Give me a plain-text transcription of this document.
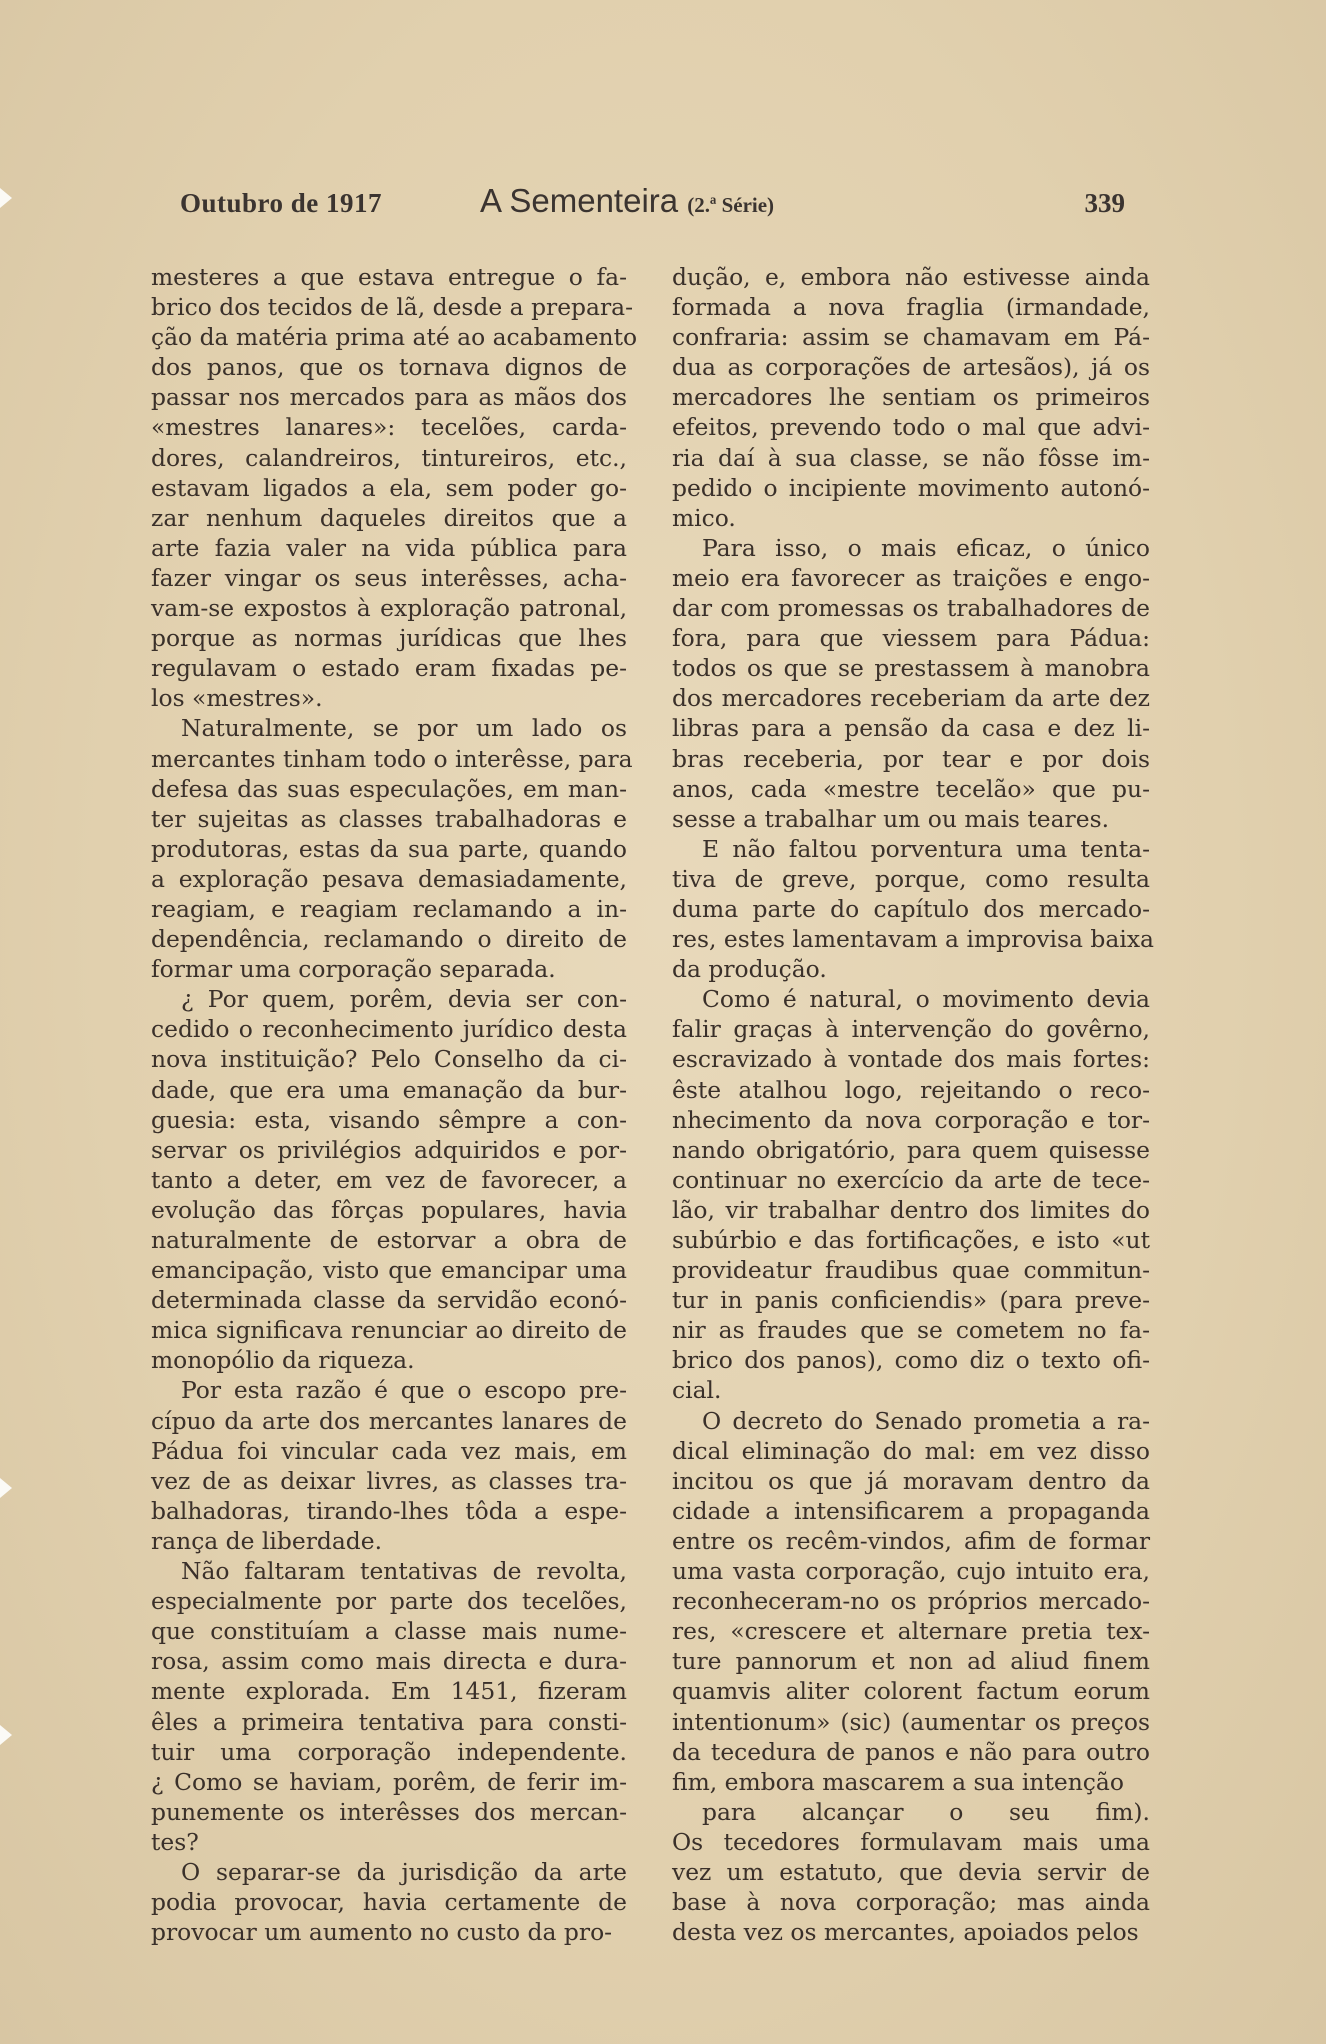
Outubro de 1917	A Sementeira (2.ª Série)	339
mesteres a que estava entregue o fa-
brico dos tecidos de lã, desde a prepara-
ção da matéria prima até ao acabamento
dos panos, que os tornava dignos de
passar nos mercados para as mãos dos
«mestres lanares»: tecelões, carda-
dores, calandreiros, tintureiros, etc.,
estavam ligados a ela, sem poder go-
zar nenhum daqueles direitos que a
arte fazia valer na vida pública para
fazer vingar os seus interêsses, acha-
vam-se expostos à exploração patronal,
porque as normas jurídicas que lhes
regulavam o estado eram fixadas pe-
los «mestres».
Naturalmente, se por um lado os
mercantes tinham todo o interêsse, para
defesa das suas especulações, em man-
ter sujeitas as classes trabalhadoras e
produtoras, estas da sua parte, quando
a exploração pesava demasiadamente,
reagiam, e reagiam reclamando a in-
dependência, reclamando o direito de
formar uma corporação separada.
¿ Por quem, porêm, devia ser con-
cedido o reconhecimento jurídico desta
nova instituição? Pelo Conselho da ci-
dade, que era uma emanação da bur-
guesia: esta, visando sêmpre a con-
servar os privilégios adquiridos e por-
tanto a deter, em vez de favorecer, a
evolução das fôrças populares, havia
naturalmente de estorvar a obra de
emancipação, visto que emancipar uma
determinada classe da servidão econó-
mica significava renunciar ao direito de
monopólio da riqueza.
Por esta razão é que o escopo pre-
cípuo da arte dos mercantes lanares de
Pádua foi vincular cada vez mais, em
vez de as deixar livres, as classes tra-
balhadoras, tirando-lhes tôda a espe-
rança de liberdade.
Não faltaram tentativas de revolta,
especialmente por parte dos tecelões,
que constituíam a classe mais nume-
rosa, assim como mais directa e dura-
mente explorada. Em 1451, fizeram
êles a primeira tentativa para consti-
tuir uma corporação independente.
¿ Como se haviam, porêm, de ferir im-
punemente os interêsses dos mercan-
tes?
O separar-se da jurisdição da arte
podia provocar, havia certamente de
provocar um aumento no custo da pro-
dução, e, embora não estivesse ainda
formada a nova fraglia (irmandade,
confraria: assim se chamavam em Pá-
dua as corporações de artesãos), já os
mercadores lhe sentiam os primeiros
efeitos, prevendo todo o mal que advi-
ria daí à sua classe, se não fôsse im-
pedido o incipiente movimento autonó-
mico.
Para isso, o mais eficaz, o único
meio era favorecer as traições e engo-
dar com promessas os trabalhadores de
fora, para que viessem para Pádua:
todos os que se prestassem à manobra
dos mercadores receberiam da arte dez
libras para a pensão da casa e dez li-
bras receberia, por tear e por dois
anos, cada «mestre tecelão» que pu-
sesse a trabalhar um ou mais teares.
E não faltou porventura uma tenta-
tiva de greve, porque, como resulta
duma parte do capítulo dos mercado-
res, estes lamentavam a improvisa baixa
da produção.
Como é natural, o movimento devia
falir graças à intervenção do govêrno,
escravizado à vontade dos mais fortes:
êste atalhou logo, rejeitando o reco-
nhecimento da nova corporação e tor-
nando obrigatório, para quem quisesse
continuar no exercício da arte de tece-
lão, vir trabalhar dentro dos limites do
subúrbio e das fortificações, e isto «ut
provideatur fraudibus quae commitun-
tur in panis conficiendis» (para preve-
nir as fraudes que se cometem no fa-
brico dos panos), como diz o texto ofi-
cial.
O decreto do Senado prometia a ra-
dical eliminação do mal: em vez disso
incitou os que já moravam dentro da
cidade a intensificarem a propaganda
entre os recêm-vindos, afim de formar
uma vasta corporação, cujo intuito era,
reconheceram-no os próprios mercado-
res, «crescere et alternare pretia tex-
ture pannorum et non ad aliud finem
quamvis aliter colorent factum eorum
intentionum» (sic) (aumentar os preços
da tecedura de panos e não para outro
fim, embora mascarem a sua intenção
para alcançar o seu fim).
Os tecedores formulavam mais uma
vez um estatuto, que devia servir de
base à nova corporação; mas ainda
desta vez os mercantes, apoiados pelos
